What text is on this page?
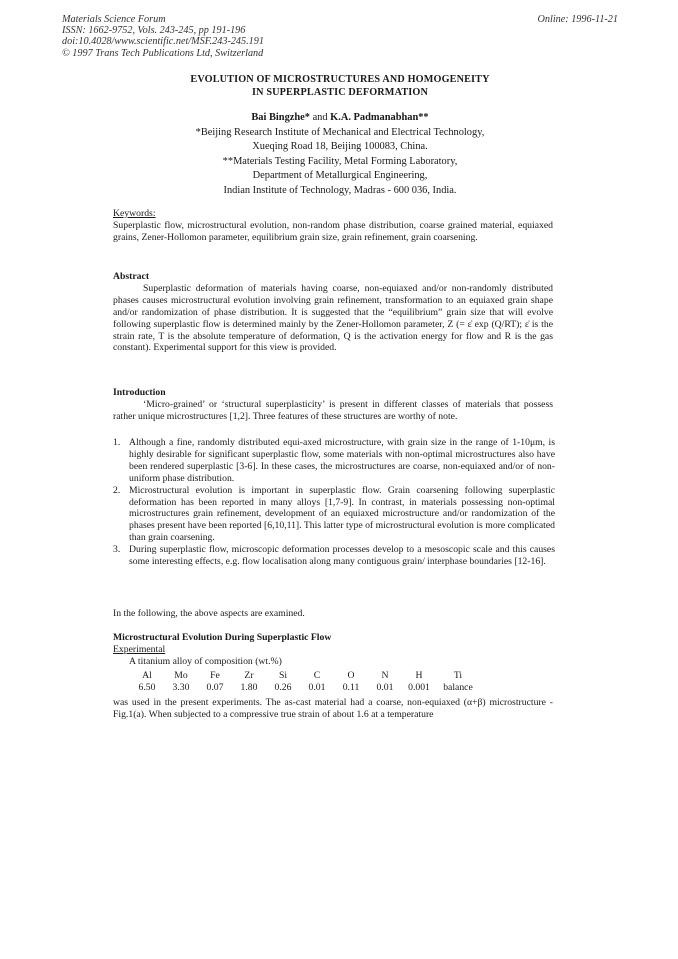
Materials Science Forum
ISSN: 1662-9752, Vols. 243-245, pp 191-196
doi:10.4028/www.scientific.net/MSF.243-245.191
© 1997 Trans Tech Publications Ltd, Switzerland
Online: 1996-11-21
EVOLUTION OF MICROSTRUCTURES AND HOMOGENEITY
IN SUPERPLASTIC DEFORMATION
Bai Bingzhe* and K.A. Padmanabhan**
*Beijing Research Institute of Mechanical and Electrical Technology,
Xueqing Road 18, Beijing 100083, China.
**Materials Testing Facility, Metal Forming Laboratory,
Department of Metallurgical Engineering,
Indian Institute of Technology, Madras - 600 036, India.
Keywords:
Superplastic flow, microstructural evolution, non-random phase distribution, coarse grained material, equiaxed grains, Zener-Hollomon parameter, equilibrium grain size, grain refinement, grain coarsening.
Abstract
Superplastic deformation of materials having coarse, non-equiaxed and/or non-randomly distributed phases causes microstructural evolution involving grain refinement, transformation to an equiaxed grain shape and/or randomization of phase distribution. It is suggested that the “equilibrium” grain size that will evolve following superplastic flow is determined mainly by the Zener-Hollomon parameter, Z (= ε̇ exp (Q/RT); ε̇ is the strain rate, T is the absolute temperature of deformation, Q is the activation energy for flow and R is the gas constant). Experimental support for this view is provided.
Introduction
‘Micro-grained’ or ‘structural superplasticity’ is present in different classes of materials that possess rather unique microstructures [1,2]. Three features of these structures are worthy of note.
1. Although a fine, randomly distributed equi-axed microstructure, with grain size in the range of 1-10μm, is highly desirable for significant superplastic flow, some materials with non-optimal microstructures also have been rendered superplastic [3-6]. In these cases, the microstructures are coarse, non-equiaxed and/or of non-uniform phase distribution.
2. Microstructural evolution is important in superplastic flow. Grain coarsening following superplastic deformation has been reported in many alloys [1,7-9]. In contrast, in materials possessing non-optimal microstructures grain refinement, development of an equiaxed microstructure and/or randomization of the phases present have been reported [6,10,11]. This latter type of microstructural evolution is more complicated than grain coarsening.
3. During superplastic flow, microscopic deformation processes develop to a mesoscopic scale and this causes some interesting effects, e.g. flow localisation along many contiguous grain/ interphase boundaries [12-16].
In the following, the above aspects are examined.
Microstructural Evolution During Superplastic Flow
Experimental
A titanium alloy of composition (wt.%)
Al	Mo	Fe	Zr	Si	C	O	N	H	Ti
6.50	3.30	0.07	1.80	0.26	0.01	0.11	0.01	0.001	balance
was used in the present experiments. The as-cast material had a coarse, non-equiaxed (α+β) microstructure - Fig.1(a). When subjected to a compressive true strain of about 1.6 at a temperature
